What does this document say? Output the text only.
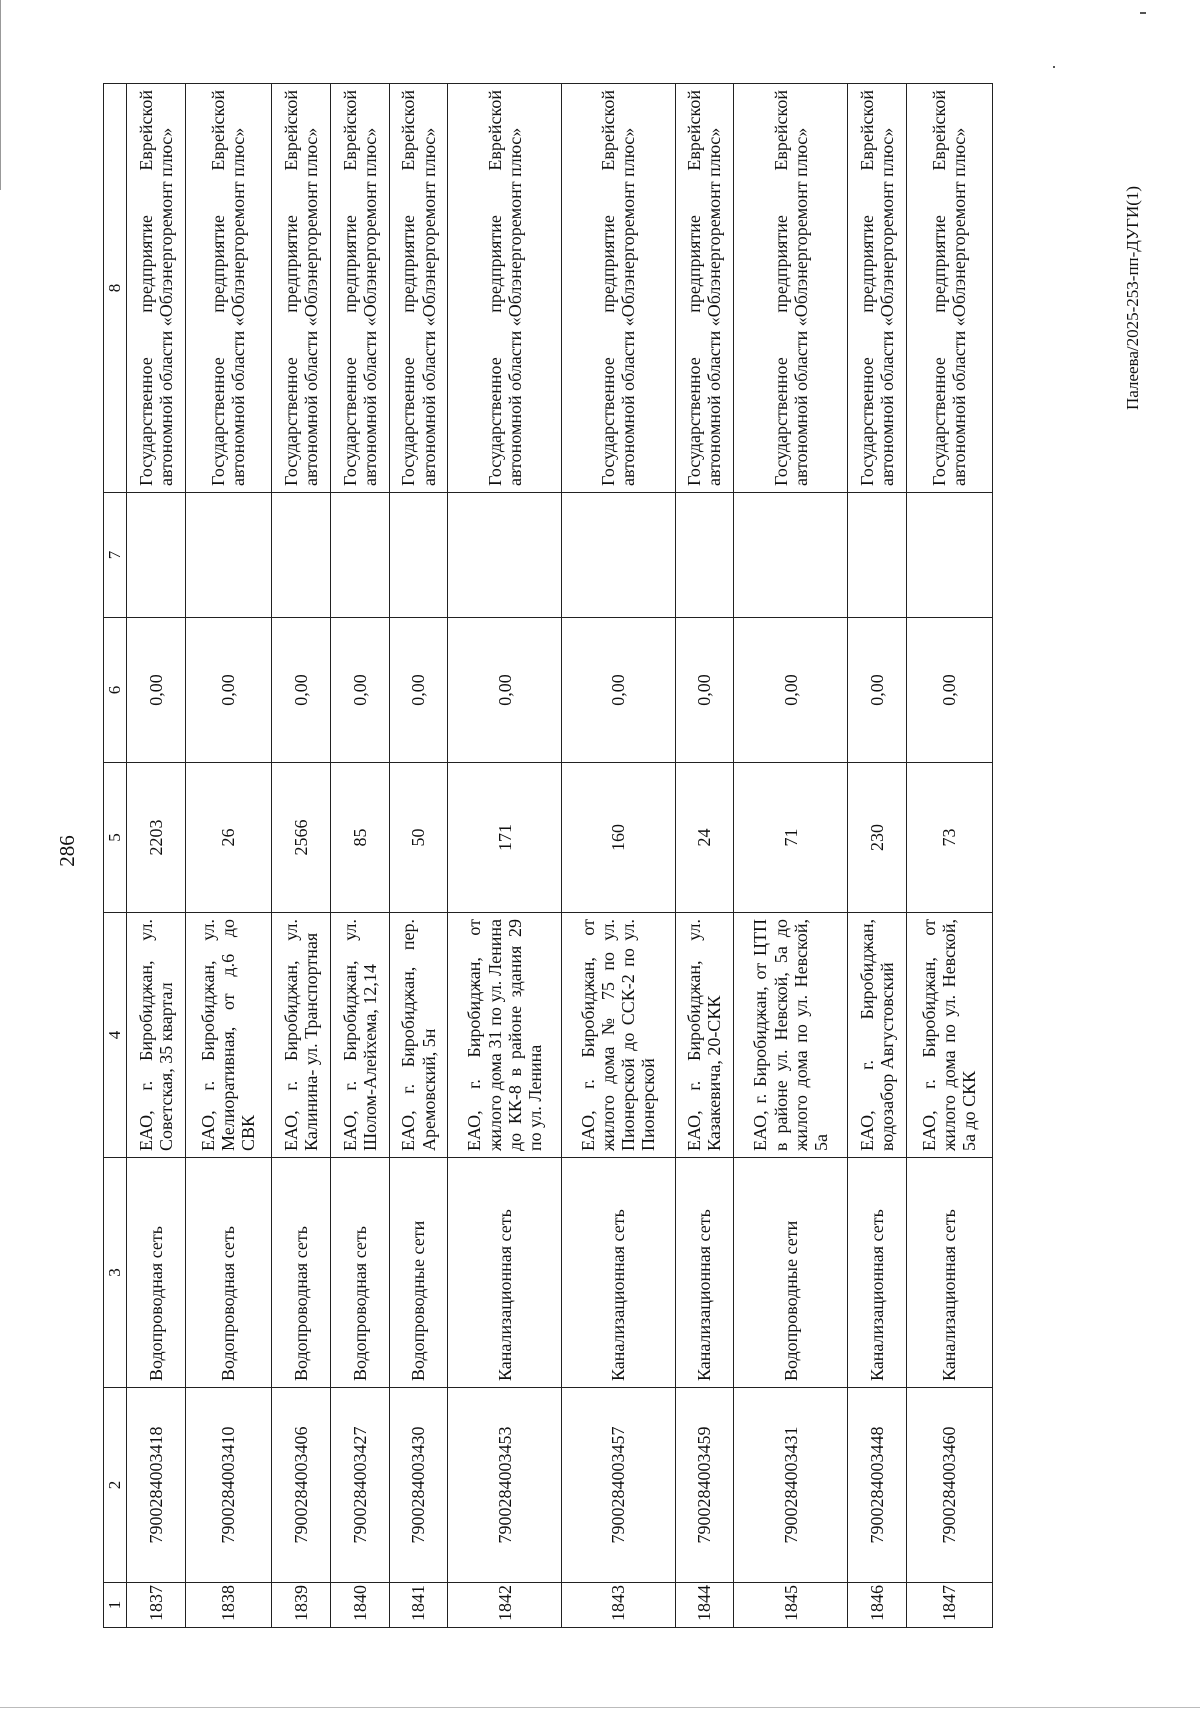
286
Палеева/2025-253-пп-ДУГИ(1)
1	2	3	4	5	6	7	8
1837	790028400341​8	Водопроводная сеть	ЕАО, г. Биробиджан, ул. Советская, 35 квартал	2203	0,00		Государственное предприятие Еврейской автономной области «Облэнергоремонт плюс»
1838	7900284003410	Водопроводная сеть	ЕАО, г. Биробиджан, ул. Мелиоративная, от д.6 до СВК	26	0,00		Государственное предприятие Еврейской автономной области «Облэнергоремонт плюс»
1839	7900284003406	Водопроводная сеть	ЕАО, г. Биробиджан, ул. Калинина- ул. Транспортная	2566	0,00		Государственное предприятие Еврейской автономной области «Облэнергоремонт плюс»
1840	7900284003427	Водопроводная сеть	ЕАО, г. Биробиджан, ул. Шолом-Алейхема, 12,14	85	0,00		Государственное предприятие Еврейской автономной области «Облэнергоремонт плюс»
1841	7900284003430	Водопроводные сети	ЕАО, г. Биробиджан, пер. Аремовский, 5н	50	0,00		Государственное предприятие Еврейской автономной области «Облэнергоремонт плюс»
1842	7900284003453	Канализационная сеть	ЕАО, г. Биробиджан, от жилого дома 31 по ул. Ленина до КК-8 в районе здания 29 по ул. Ленина	171	0,00		Государственное предприятие Еврейской автономной области «Облэнергоремонт плюс»
1843	7900284003457	Канализационная сеть	ЕАО, г. Биробиджан, от жилого дома № 75 по ул. Пионерской до ССК-2 по ул. Пионерской	160	0,00		Государственное предприятие Еврейской автономной области «Облэнергоремонт плюс»
1844	7900284003459	Канализационная сеть	ЕАО, г. Биробиджан, ул. Казакевича, 20-СКК	24	0,00		Государственное предприятие Еврейской автономной области «Облэнергоремонт плюс»
1845	7900284003431	Водопроводные сети	ЕАО, г. Биробиджан, от ЦТП в районе ул. Невской, 5а до жилого дома по ул. Невской, 5а	71	0,00		Государственное предприятие Еврейской автономной области «Облэнергоремонт плюс»
1846	7900284003448	Канализационная сеть	ЕАО, г. Биробиджан, водозабор Августовский	230	0,00		Государственное предприятие Еврейской автономной области «Облэнергоремонт плюс»
1847	7900284003460	Канализационная сеть	ЕАО, г. Биробиджан, от жилого дома по ул. Невской, 5а до СКК	73	0,00		Государственное предприятие Еврейской автономной области «Облэнергоремонт плюс»
